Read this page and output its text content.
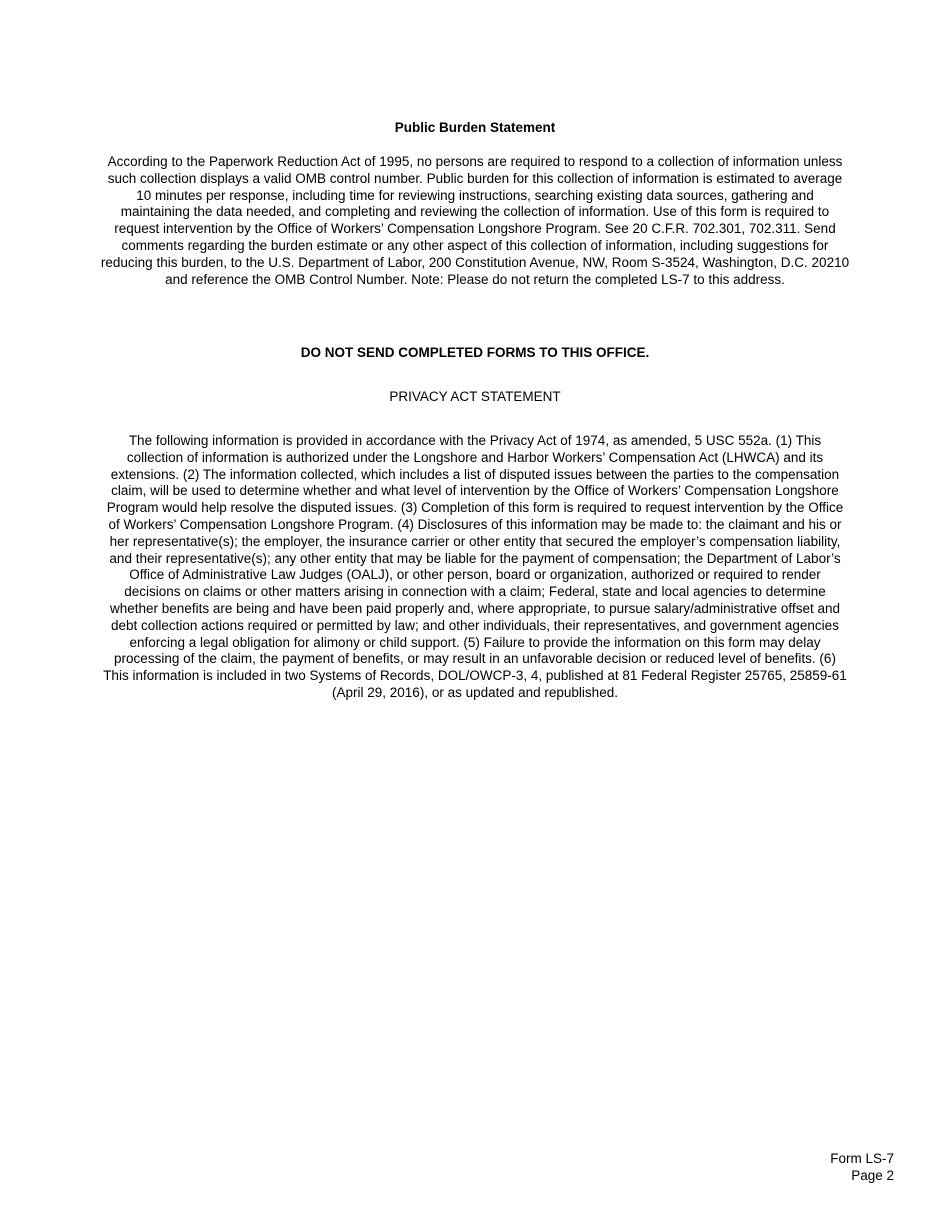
Public Burden Statement
According to the Paperwork Reduction Act of 1995, no persons are required to respond to a collection of information unless such collection displays a valid OMB control number. Public burden for this collection of information is estimated to average 10 minutes per response, including time for reviewing instructions, searching existing data sources, gathering and maintaining the data needed, and completing and reviewing the collection of information. Use of this form is required to request intervention by the Office of Workers’ Compensation Longshore Program. See 20 C.F.R. 702.301, 702.311. Send comments regarding the burden estimate or any other aspect of this collection of information, including suggestions for reducing this burden, to the U.S. Department of Labor, 200 Constitution Avenue, NW, Room S-3524, Washington, D.C. 20210 and reference the OMB Control Number. Note: Please do not return the completed LS-7 to this address.
DO NOT SEND COMPLETED FORMS TO THIS OFFICE.
PRIVACY ACT STATEMENT
The following information is provided in accordance with the Privacy Act of 1974, as amended, 5 USC 552a. (1) This collection of information is authorized under the Longshore and Harbor Workers’ Compensation Act (LHWCA) and its extensions. (2) The information collected, which includes a list of disputed issues between the parties to the compensation claim, will be used to determine whether and what level of intervention by the Office of Workers’ Compensation Longshore Program would help resolve the disputed issues. (3) Completion of this form is required to request intervention by the Office of Workers’ Compensation Longshore Program. (4) Disclosures of this information may be made to: the claimant and his or her representative(s); the employer, the insurance carrier or other entity that secured the employer’s compensation liability, and their representative(s); any other entity that may be liable for the payment of compensation; the Department of Labor’s Office of Administrative Law Judges (OALJ), or other person, board or organization, authorized or required to render decisions on claims or other matters arising in connection with a claim; Federal, state and local agencies to determine whether benefits are being and have been paid properly and, where appropriate, to pursue salary/administrative offset and debt collection actions required or permitted by law; and other individuals, their representatives, and government agencies enforcing a legal obligation for alimony or child support. (5) Failure to provide the information on this form may delay processing of the claim, the payment of benefits, or may result in an unfavorable decision or reduced level of benefits. (6) This information is included in two Systems of Records, DOL/OWCP-3, 4, published at 81 Federal Register 25765, 25859-61 (April 29, 2016), or as updated and republished.
Form LS-7
Page 2
